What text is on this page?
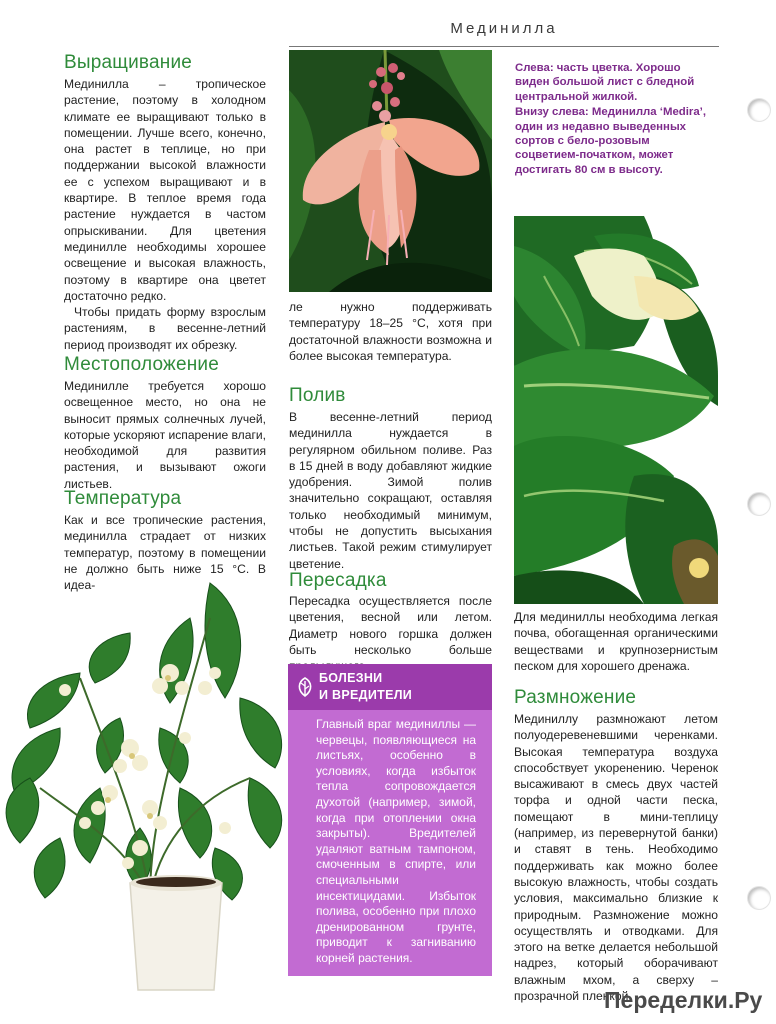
Мединилла
Выращивание

Мединилла – тропическое растение, поэтому в холодном климате ее выращивают только в помещении. Лучше всего, конечно, она растет в теплице, но при поддержании высокой влажности ее с успехом выращивают и в квартире. В теплое время года растение нуждается в частом опрыскивании. Для цветения мединилле необходимы хорошее освещение и высокая влажность, поэтому в квартире она цветет достаточно редко.

Чтобы придать форму взрослым растениям, в весенне-летний период производят их обрезку.

Местоположение

Мединилле требуется хорошо освещенное место, но она не выносит прямых солнечных лучей, которые ускоряют испарение влаги, необходимой для развития растения, и вызывают ожоги листьев.

Температура

Как и все тропические растения, мединилла страдает от низких температур, поэтому в помещении не должно быть ниже 15 °С. В идеа-

ле нужно поддерживать температуру 18–25 °С, хотя при достаточной влажности возможна и более высокая температура.

Полив

В весенне-летний период мединилла нуждается в регулярном обильном поливе. Раз в 15 дней в воду добавляют жидкие удобрения. Зимой полив значительно сокращают, оставляя только необходимый минимум, чтобы не допустить высыхания листьев. Такой режим стимулирует цветение.

Пересадка

Пересадка осуществляется после цветения, весной или летом. Диаметр нового горшка должен быть несколько больше

БОЛЕЗНИ
И ВРЕДИТЕЛИ
Главный враг мединиллы — червецы, появляющиеся на листьях, особенно в условиях, когда избыток тепла сопровождается духотой (например, зимой, когда при отоплении окна закрыты). Вредителей удаляют ватным тампоном, смоченным в спирте, или специальными инсектицидами. Избыток полива, особенно при плохо дренированном грунте, приводит к загниванию корней растения.

Слева: часть цветка. Хорошо виден большой лист с бледной центральной жилкой.

Внизу слева: Мединилла ‘Medira’, один из недавно выведенных сортов с бело-розовым соцветием-початком, может достигать 80 см в высоту.

Для мединиллы необходима легкая почва, обогащенная органическими веществами и крупнозернистым песком для хорошего дренажа.
Размножение

Мединиллу размножают летом полуодеревеневшими черенками. Высокая температура воздуха способствует укоренению. Черенок высаживают в смесь двух частей торфа и одной части песка, помещают в мини-теплицу (например, из перевернутой банки) и ставят в тень. Необходимо поддерживать как можно более высокую влажность, чтобы создать условия, максимально близкие к природным. Размножение можно осуществлять и отводками. Для этого на ветке делается небольшой надрез, который оборачивают влажным мхом, а сверху – прозрачной пленкой.

Переделки.Ру
